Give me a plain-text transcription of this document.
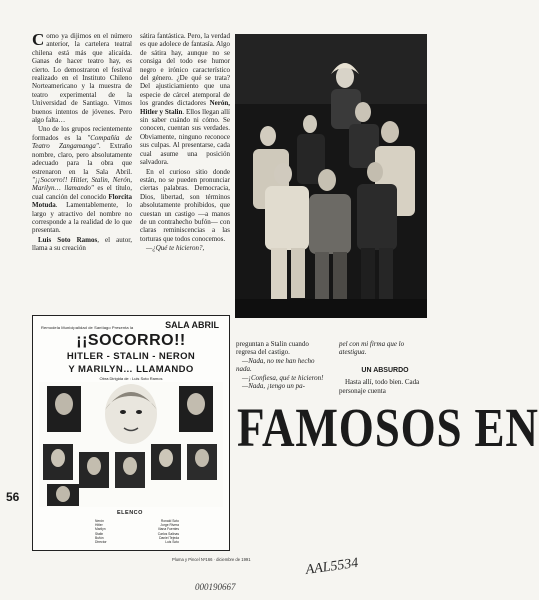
Como ya dijimos en el número anterior, la cartelera teatral chilena está más que alicaída. Ganas de hacer teatro hay, es cierto. Lo demostraron el festival realizado en el Instituto Chileno Norteamericano y la muestra de teatro experimental de la Universidad de Santiago. Vimos buenos intentos de jóvenes. Pero algo falta…

Uno de los grupos recientemente formados es la "Compañía de Teatro Zangamanga". Extraño nombre, claro, pero absolutamente adecuado para la obra que estrenaron en la Sala Abril. "¡¡Socorro!! Hitler, Stalin, Nerón, Marilyn… llamando" es el título, cual canción del conocido Florcita Motuda. Lamentablemente, lo largo y atractivo del nombre no corresponde a la realidad de lo que presentan.

Luis Soto Ramos, el autor, llama a su creación

sátira fantástica. Pero, la verdad es que adolece de fantasía. Algo de sátira hay, aunque no se consiga del todo ese humor negro e irónico característico del género. ¿De qué se trata? Del ajusticiamiento que una especie de cárcel atemporal de los grandes dictadores Nerón, Hitler y Stalin. Ellos llegan allí sin saber cuándo ni cómo. Se conocen, cuentan sus verdades. Obviamente, ninguno reconoce sus culpas. Al presentarse, cada cual asume una posición salvadora.

En el curioso sitio donde están, no se pueden pronunciar ciertas palabras. Democracia, Dios, libertad, son términos absolutamente prohibidos, que cuestan un castigo —a manos de un contrahecho bufón— con claras reminiscencias a las torturas que todos conocemos.

—¿Qué te hicieron?,

Remodela Municipalidad de Santiago Presenta la	SALA ABRIL
¡¡SOCORRO!!
HITLER - STALIN - NERON
Y MARILYN… LLAMANDO
Obra Dirigida de : Luis Soto Ramos
ELENCO
Nerón	Ronald Soto
Hitler	Jorge Rivera
Marilyn	Iliana Fuentes
Stalin	Carlos Salinas
Bufón	Daniel Tejeda
Director	Luis Soto

preguntan a Stalin cuando regresa del castigo.

—Nada, no me han hecho nada.

—¡Confiesa, qué te hicieron!

—Nada, ¡tengo un pa-

pel con mi firma que lo atestigua.

UN ABSURDO

Hasta allí, todo bien. Cada personaje cuenta

FAMOSOS EN
56
Pluma y Pincel Nº166 · diciembre de 1991	AAL5534
000190667
